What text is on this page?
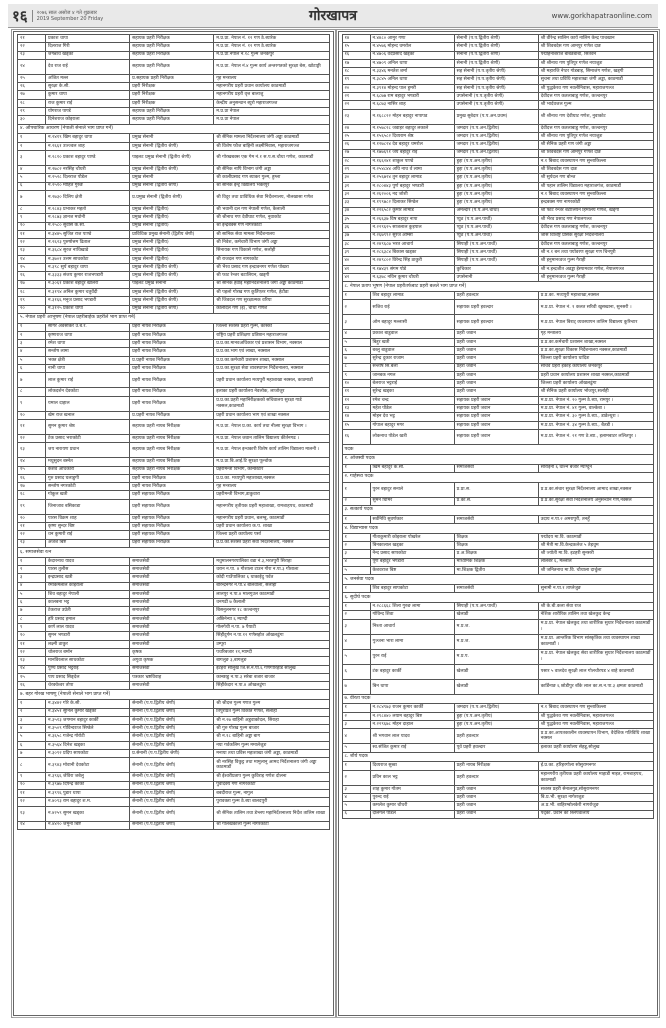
१६	२०७६ साल असोज ४ गते शुक्रबार
2019 September 20 Friday	गोरखापत्र	www.gorkhapatraonline.com
२१	प्रकाश थापा	सहायक प्रहरी निरीक्षक	म.प्र.प्रा. नेपाल नं. १२ गण ठे.ब्यारेक
२२	दिलराज गिरी	सहायक प्रहरी निरीक्षक	म.प्र.प्रा. नेपाल नं. १२ गण ठे.ब्यारेक
२३	जगन्नाथ खड्का	सहायक प्रहरी निरीक्षक	म.प्र.प्रा.नेपाल नं.१८ गुल्म जनकपुर
२४	देव राज राई	सहायक प्रहरी निरीक्षक	म.प्र.प्रा. नेपाल नं.४ गुल्म कार्य अन्तरगतको सुरक्षा बेस, खोटाङ्गी
२५	अजित मल्ल	प्र.सहायक प्रहरी निरीक्षक	गृह मन्त्रालय
२६	सुरक्षा के.सी.	प्रहरी निरीक्षक	महानगरीय प्रहरी प्रधान कार्यालय काठमाडौं
२७	कुमार थापा	प्रहरी निरीक्षक	महानगरीय प्रहरी वृत्त बालाजु
२८	राज कुमार राई	प्रहरी निरीक्षक	केन्द्रीय अनुसन्धान ब्युरो महाराजगञ्ज
२९	योगराज पाण्डे	सहायक प्रहरी निरीक्षक	म.प्र.प्रा नेपाल
३०	दिनेशराज कोइराला	सहायक प्रहरी निरीक्षक	म.प्र.प्रा नेपाल
४. औपचारिक आचरण (नेपाली सेनाले भाग प्राप्त गर्ने)			
१	न.२४१९ खिम बहादुर थापा	प्रमुख सेनानी	श्री सैनिक मामला निर्देशनालय जंगी अड्डा काठमाडौं
२	न.२६६१ उज्ज्वल शाह	प्रमुख सेनानी (द्वितीय श्रेणी)	श्री विशेष फौज बाहिनी लक्ष्मीनिवास, महाराजगञ्ज
३	न.२८१० प्रकाश बहादुर पाण्डे	पाइलट प्रमुख सेनानी (द्वितीय श्रेणी)	श्री गोरखबक्स एक गेम नं.१ स.प.स.चौथा गणेश, काठमाडौं
४	न.२७८२ नरसिंह चौधरी	प्रमुख सेनानी (द्वितीय श्रेणी)	श्री सैनिक नापि विभाग जंगी अड्डा
५	न.२५२८ दिलराज पौडेल	प्रमुख सेनानी	श्री कालीप्रसाद गण ब्याकर गुल्म, हुम्ला
६	न.२५१० मोहित गुरुङ	प्रमुख सेनानी (द्वितीय श्रेणी)	श्री सैनिक इन्ट्र विद्यालय भक्तपुर
७	न.२७३० दिलिप क्षेत्री	प्र.प्रमुख सेनानी (द्वितीय श्रेणी)	श्री विदुर तथा प्राविधिक सेवा निर्देशनालय, नौलखासा गणेश
८	न.२८४३ प्रभाकर महतो	प्रमुख सेनानी (द्वितीय)	श्री भवानी दल गण नेपाली गणेश, कैलाली
९	न.२८७३ ज्ञानज मधोनी	प्रमुख सेनानी (द्वितीय)	श्री श्रीनाथ गण देवीघाट गणेश, नुवाकोट
१०	न.२५८० सुवास के.सी.	प्रमुख सेनानी (द्वितीय)	श्री इन्द्रबक्स गण नागरकोटी
११	न.३४४५ सुजित राज पाण्डे	प्राविधिक प्रमुख सेनानी (द्वितीय श्रेणी)	श्री सानिक सेवा मामला निर्देशनालय
१२	न.२६२३ पुरुषोत्तम ढिताल	प्रमुख सेनानी (द्वितीय)	श्री निवेश, कर्मचारी विभाग जंगी अड्डा
१३	न.३६८४ सुरज नाथिखाडे	प्रमुख सेनानी (द्वितीय)	सिनायक गण विकासे गणेश, सर्लाही
१४	न.३७०१ उत्तम साथकोटा	प्रमुख सेनानी (द्वितीय)	श्री राजदल गण नागरकोट
१५	न.३९८ सुर्य बहादुर थापा	प्रमुख सेनानी (द्वितीय श्रेणी)	श्री भैरव प्रसाद गण इन्द्रावनगर गणेश पोखरा
१६	न.३३३३ संजय कुमार राजभण्डारी	प्रमुख सेनानी (द्वितीय श्रेणी)	श्री फाट रेन्जर बटालियन, खड्गी
१७	न.३०६१ प्रकाश बहादुर खोलेरा	पाइलट प्रमुख सेनानी	श्री सैनिक हवाई महानिर्देशनालय जंगी अड्डा काठमाडौं
१८	न.३१९४ अनिल कुमार चतुर्वेदी	प्रमुख सेनानी (द्वितीय श्रेणी)	श्री पहलो गोरख गण कुर्तिएतर गणेश, हेटौडा
१९	न.३१६६ मनुज प्रसाद भण्डारी	प्रमुख सेनानी (द्वितीय श्रेणी)	श्री जिवदल गण सुरक्षात्मक वरिया
२०	न.३१२५ प्रकाश थापा	प्रमुख सेनानी (द्वितीय श्रेणी)	कालीदल गण (इ), चौथा गणेश
५. नेपाल प्रहरी आभूषण (नेपाल प्रहरीबाहेक प्रहरीले भाग प्राप्त गर्ने)			
१	सागर अवसोकर उ.ब.र.	प्रहरी नायब निरीक्षक	जिल्ला सशस्त्र प्रहरी गुल्म, कास्की
२	कृष्णराज थापा	प्रहरी नायब निरीक्षक	राष्ट्रिय प्रहरी प्रशिक्षण प्रतिष्ठान महाराजगञ्ज
३	रमेश थापा	प्रहरी नायब निरीक्षक	प्र.प्र.का.मानवअधिकार एवं प्रशासन विभाग, नक्साल
४	सन्तोष लामा	प्रहरी नायब निरीक्षक	प्र.प्र.का.भाग एवं लाखा, नक्साल
५	भक्त क्षेत्री	प्र.प्रहरी नायब निरीक्षक	प्र.प्र.का.कर्मचारी प्रशासन शाखा, नक्साल
६	नानी थापा	प्रहरी नायब निरीक्षक	प्र.प्र.का.सुरक्षा सेवा व्यवस्थापन निर्देशनालय, नक्साल
७	लाल कुमार राई	प्रहरी नायब निरीक्षक	प्रहरी प्रधान कार्यालय मध्यपुरी महाशाखा नक्सल, काठमाडौं
८	लोकदर्शन देवकोटा	प्रहरी नायब निरीक्षक	इलाका प्रहरी कार्यालय नेवलोक, लाजोजुर
९	यमाल दाहाल	प्रहरी नायब निरीक्षक	प्र.प्र.का.प्रहरी महानिरीक्षकको सचिवालय सुरक्षा गार्ड नक्सल,काठमाडौं
१०	खेम राज खनाल	प्र.प्रहरी नायब निरीक्षक	प्रहरी प्रधान कार्यालय भाग एवं शाखा नक्सल
११	सुमन कुमार श्रेष्ठ	सहायक प्रहरी नायब निरीक्षक	म.प्र.प्रा. नेपाल प्र.का. कार्य तथा नीत्सा सुरक्षा विभाग ।
१२	टेक प्रसाद भराकोटी	सहायक प्रहरी नायब निरीक्षक	म.प्र.प्रा. नेपाल जवान तालिम विद्यालय कीर्तनगढ ।
१३	जय नारायण प्रधान	सहायक प्रहरी नायब निरीक्षक	म.प्र.प्रा. नेपाल इन्चकारी विशेष कार्य तालिम विद्यालय मालनी ।
१४	मधुसुदन बस्नेत	सहायक प्रहरी नायब निरीक्षक	म.प्र.प्रा.बि.आई.टि सुरक्षा पूल्चोक
१५	केशव अधिकारी	सहायक प्रहरी नायब निरीक्षक	प्रहरीमन्त्री विभाग, कान्छाटार
१६	गुरु प्रसाद घलाडुगी	प्रहरी नायब निरीक्षक	प्र.प्र.का. मध्यपुरी महाशाखा,नक्सल
१७	सन्तोष नगरकोटी	प्रहरी नायब निरीक्षक	गृह मन्त्रालय
१८	गोकुल खत्री	प्रहरी सहायक निरीक्षक	प्रहरीमन्त्री विभाग,डाकुवारा
१९	जिनाजाव बसिकाडा	प्रहरी सहायक निरीक्षक	महानगरीय तृतीयक प्रहरी महाशाखा, रामशाहपथ, काठमाडौं
२०	पारस विक्रम शाह	प्रहरी सहायक निरीक्षक	महानगरीय प्रहरी प्रधान, बलम्बु, काठमाडौं
२१	कृष्ण सुन्दर बिष्ट	प्रहरी सहायक निरीक्षक	प्रहरी प्रधान कार्यालय क.प. शाखा
२२	धन कुमारी राई	प्रहरी सहायक निरीक्षक	जिल्ला प्रहरी कार्यालय पर्सा
२३	अजेश बिष्ट	प्रहरी सहायक निरीक्षक	प्र.प्र.का.सशस्त्र प्रहरी सेवा निर्देशनालय, नक्सल
६. समाजसेवा रत्न			
१	केदारनाथ यादव	समाजसेवी	मधुमालनगरपालिका वडा नं.३,भरतपुरी सिराहा
२	पारस तुलीस	समाजसेवी	धरान न.पा. ४ गौशाला टाउन गौरा न.पा.३ गौशाला
३	इन्द्रप्रसाद खत्री	समाजसेवी	कोदी गाउँपालिका ६ थाकाईदु पर्वत
४	रमाकमलाल कोइराला	समाजसेवी	बीरेन्द्रनगर न.पा.४ बौलवाला, सर्लाही
५	शिव बहादुर नेपाली	समाजसेवी	लालपुर न.पा.४ मालगुउल काठमाडौं
६	कालबना भट्ट	समाजसेवी	धनगढी ७ कैलाली
७	टेकराज उप्रेती	समाजसेवी	बिसनुलनगर १८ कञ्चनपुर
८	हरि प्रसाद हमाल	समाजसेवी	अछिनेन्या ६ म्याग्दी
९	कर्ण लाल यादव	समाजसेवी	गोलगेथी न.पा. ७ पैयाटी
१०	सुमन भण्डारी	समाजसेवी	सिंहीदुर्गम न.पा.१२ गणेसहोत ओखलढुंगा
११	लक्ष्मी ठाकुर	समाजसेवी	उम्पूरा
१२	चोलराज बर्मान	कृषक	पथरिबजार ११,म्याग्दी
१३	मानविरलाल साथकोटा	अगुवा कृषक	बागलुङ ३,बागलुङ
१४	पुण्य प्रसाद भट्टराई	समाजसेवी	ईटहरा सोलुख जि.स.न.पा.६ गणगोरिहोड सोलुख
१५	पाप प्रसाद सिङ्देल	पत्रकार भ्रष्टविवाह	कान्छाडु न.पा.३ सरेबा बजार बाजार
१६	चेरक्वेश्वर तोपा	समाजसेवी	सिंहीकेदार न.पा.४ ओखलढुंगा
७. बहर गोरख भाषणु (नेपाली सेनाले भाग प्राप्त गर्ने)			
१	न.३४४२ गोरे के.सी.	सेनानी (प.प.द्वितीय श्रेणी)	श्री श्रीदत्त गुल्म गणत गुल्म
२	न.३४५१ सुनिल कुमार खड्का	सेनानी (प.प.द्वितीय श्रेणी)	तिपुराप्रत गुल्म विकाते गणेश, सर्लाही
३	न.३५१३ जगमान बहादुर कार्की	सेनानी (प.प.द्वितीय श्रेणी)	श्री न.२७ बाहिनी अडुवाकोदल, सिराहा
४	न.३५०९ गोविन्दराज सिग्डेले	सेनानी (प.प.द्वितीय श्रेणी)	श्री गुरु गोरख गुल्म बाजार
५	न.३६५८ गजेन्द्र गोरोटी	सेनानी (प.प.द्वितीय श्रेणी)	श्री न.१८ बाहिनी अड्डा बाग
६	न.३५६४ दिनेश खड्का	सेनानी (प.प.द्वितीय श्रेणी)	नया गर्वकलिम गुल्म ममालेजुङ
७	न.३०९२ प्रदिप सापकोटा	प्र.सेनानी (प.प.द्वितीय श्रेणी)	मनाया तथा प्रविस महाशाखा जंगी अड्डा, काठमाडौं
८	न.३९४३ मोवानी देवकोटा	सेनानी (प.प.द्वितीय श्रेणी)	श्री नरसिंह विकुट्ट तथा मामुलानु आमद निर्देशनालय जंगी अड्डा काठमाडौं
९	न.३९६६ जेविरा जबेलु	सेनानी (प.प.द्वितीय श्रेणी)	श्री ईश्वरीप्रताप गुल्म कुविराइ गणेश दोलना
१०	न.३९७७ दिपेन्द्र कार्की	सेनानी (प.प.द्वितीय श्रेणी)	पुर्वोदक्य गण नागरकोटी
११	न.३९९६ पुडार थापा	सेनानी (प.प.द्वितीय श्रेणी)	बबदीराज गुल्म, नागुल
१२	न.४०९३ राम बहादुर श.म.	सेनानी (प.प.द्वितीय श्रेणी)	पुरावक्ता गुल्म ठे.ब्या बालदपुरी
१३	न.४२५९ सुमन खड्का	सेनानी (प.प.द्वितीय श्रेणी)	श्री सैनिक तालिम तथा डेभ्लप महानिर्देशनालय निर्देश तालिम शाखा
१४	न.४४२० जमुना बिष्ट	सेनानी (प.प.द्वितीय श्रेणी)	श्री गोलखकालौ गुल्म नागरकोटी
१४	न.४४८० आमुर गणा	सेनानी (प.प.द्वितीय श्रेणी)	श्री वीरेन्द्र सालिम कार्य नालिम केन्द्र पाचखान
१५	न.४५७६ मोहन्द थमरोल	सेनानी (प.प.द्वितीय श्रेणी)	श्री शिवबदेस गण आमपुर गणेश दाङ
१६	न.४७०६ वेदप्रसाद खड्का	सेनानी (प.प.द्वितीय श्रेणी)	पद्महिनाबराज बाबडबाबा, सितवन
१७	न.४७०९ अनिल थापा	सेनानी (प.प.द्वितीय श्रेणी)	श्री श्रीनाथ गण पुतिपुर गणेश नयाजुङ
१८	न.३३४६ मनतेश शर्मा	सह सेनानी (प.प.तृतीय श्रेणी)	श्री महारजि नेप्टर गोडबाइ, सिमाजंग गणेश, खड्गी
१९	न.३८४५ अनिल थापा	सह सेनानी (प.प.तृतीय श्रेणी)	सुचना तथा प्रविधि महाशाखा जंगी अड्डा, काठमाडौं
२०	न.३९१४ मोहन्द पाल हुमरी	सह सेनानी (प.प.तृतीय श्रेणी)	श्री पुद्धकेरव गण नवलीनिवास, महाराजगञ्ज
२१	न.६८७७ राम बहादुर भण्डारी	उपसेनानी (प.प.तृतीय श्रेणी)	देवीदत्त गण कतलाबाडु गणेश, कञ्चनपुर
२२	न.६८७३ नासिर शाह	उपसेनानी (प.प.तृतीय श्रेणी)	श्री भार्दवजल गुल्म
२३	न.१६८८२२ मोहन बहादुर नापापड	प्रमुख सुबेदार (प.प.अन.प्रथम)	श्री श्रीनाथ गण देवीघाट गणेश, नुवाकोट
२४	न.१५७८२८ जवाहर बहादुर लकाले	जमदार (प.प.अन.द्वितीय)	देवीदत्त गण कतलाबाडु गणेश, कञ्चनपुर
२५	न.१५६५८२ दिव्यराम श्रेष्ठ	जमदार (प.प.अन.द्वितीय)	श्री श्रीनाथ गण पुतिपुर गणेश नयाजुङ
२६	न.१२७८२४ देव बहादुर थमरोल	जमदार (प.प.अन.द्वितीय)	श्री सैनिक प्रहरी गण जंगी अड्डा
२७	न.१७७६९१ जय बहादुर राई	जमदार (प.प.अन.द्वितीय)	श्री शिवबदेस गण आमपुर गणेश दाङ
२८	न.१६६२४१ शाकुल पाण्डे	हुद्दा (प.प.अन.तृतीय)	न.१ बिबाद व्यवस्थापन गण सुन्ताकिल्ला
२९	न.२५४८४४ अथि नाथ र्व लामा	हुद्दा (प.प.अन.तृतीय)	श्री शिवबदेस गण दाङ
३०	न.२५६७२४ तुन बहादुर लामाड	हुद्दा (प.प.अन.तृतीय)	श्री सुर्यदल गण बोन्ज
३१	न.२८०४४३ पुर्ण बहादुर भण्डारी	हुद्दा (प.प.अन.तृतीय)	श्री पहान तालिम विद्यालय महाराजगंज, काठमाडौं
३२	न.२६२००६ नद जोशी	हुद्दा (प.प.अन.तृतीय)	न.१ बिबाद व्यवस्थापन गण सुन्ताकिल्ला
३३	न.१९९७८२ दिलाकर सिग्डेल	हुद्दा (प.प.अन.तृतीय)	इन्द्रबक्स गण नागरकोटी
३४	न.२२६५८२ कुमार लामाड	अमल्दार (प.प.अन.चौथो)	श्री फाट रेन्जर बटालियन हिमालय गणेश, खड्गी
३५	न.२६६३७ विष बहादुर नापा	प्युठ (प.प.अन.पाचौं)	श्री भैरव प्रसाद गण नेपालगञ्ज
३६	न.२२९६२५ साजलाल कुइपाल	प्युठ (प.प.अन.पाचौं)	देवीदत्त गण कतलाबाडु गणेश, कञ्चनपुर
३७	न.२६७९९२ सुरज ओम्सा	प्युठ (प.प.अन.पाचौं)	जसि विशिष्ट्र प्रसिक सुरक्षा निर्देशनालय
३८	न.२४९६८७ भरत आचार्य	सिपाही (प.प.अन.पाचौं)	देवीदत्त गण कतलाबाडु गणेश, कञ्चनपुर
३९	न.२८६३८४ बिकास खड्का	सिपाही (प.प.अन.पाचौं)	श्री न.१ बन तथा पर्यावरण सुरक्षा गण चिनपुरी
४०	न.२४९८०२ विरेन्द्र सिंह ठाकुरी	सिपाही (प.प.अन.पाचौं)	श्री हनुमानध्वज गुल्म गैराही
४१	न.१७४३९ संगम पोडे	कुचिकार	श्री न.इन्द्रजीत अडड्डा ईस्पामवार गणेश, नेपालगञ्ज
४२	न.६३७८ नविन कुमार चौधरी	उपसेनानी	श्री हनुमानध्वज गुल्म गैराही
८. नेपाल प्रताप भूषण (नेपाल प्रहरीतर्फबाट प्रहरी बलले भाग प्राप्त गर्ने)			
१	शिव बहादुर लामाड	प्रहरी हवल्दार	प्र.प्र.का. मध्यपुरी महाशाखा,नक्सल
२	सजिव राई	सहायक प्रहरी हवल्दार	म.प्र.प्रा. नेपाल नं. १ कलत सरिवी खुसखाना, सुनसरी ।
३	ओम बहादुर मल्लासी	सहायक प्रहरी हवल्दार	म.प्र.प्रा. नेपाल बिराट् व्यवस्थापन तालिम विद्यालय कुरिन्टार
४	प्रकाश बाडुवाल	प्रहरी जवान	गृह मन्त्रालय
५	बिद्दुर खत्री	प्रहरी जवान	प्र.प्र.का.कर्मचारी प्रशासन शाखा,नक्सल
६	बब्लु बाडुवाल	प्रहरी जवान	प्र.प्र.का.सुरक्षा विकास निर्देशनालय नक्सल,काठमाडौं
७	सुरेन्द्र दुकार राजाम	प्रहरी जवान	जिल्ला प्रहरी कार्यालय धादिङ
८	सन्तोष सि.बेला	प्रहरी जवान	सचिव प्रहरी इकाइ कार्यालय जनकपुर
९	जानबक नगल	प्रहरी जवान	प्रहरी प्रधान कार्यालय प्रशासन शाखा नक्सल,काठमाडौं
१०	बेलराज भट्टराई	प्रहरी जवान	जिल्ला प्रहरी कार्यालय ओखलढुंगा
११	सुरेन्द्र खड्का	प्रहरी जवान	श्री सैनिक प्रहरी कार्यालय भोजपुर,सर्लाही
१२	रमेश चन्द्र	सहायक प्रहरी जवान	म.प्र.प्रा. नेपाल नं. २० गुल्म ठे.ब्या, रामपुर ।
१३	महेश पौडेल	सहायक प्रहरी जवान	म.प्र.प्रा. नेपाल नं. ४१ गुल्म, वाल्केबा ।
१४	मोहन देव भट्ट	सहायक प्रहरी जवान	म.प्र.प्रा. नेपाल नं. ३० गुल्म ठे.ब्या., डाडेल्धुरा ।
१५	गोपाल बहादुर मगर	सहायक प्रहरी जवान	म.प्र.प्रा. नेपाल नं. ३४ गुल्म ठे.ब्या., बैतडी ।
१६	लोकनाथ पौडेल खत्री	सहायक प्रहरी जवान	म.प्र.प्रा. नेपाल नं. २१ गण ठे.ब्या., इलामबाटर ललितपुर ।
पदक			
१. ओजस्वी पदक			
१	खिम बहादुर क.सी.	समाजसेवी	सौराईनी ६ धाल्ने बजार म्याग्दुन
२. गार्हस्थ्य पदक			
१	पुरन बहादुर सनाले	प्र.प्रा.स.	प्र.प्र.का.संचार सुरक्षा निर्देशनालय आमाद शाखा,नक्सल
२	सुमन घिमिरे	प्र.का.स.	प्र.प्र.का.सुरक्षा सेवा निर्देशनालय अनुसन्धान गण,नक्सल
३. सत्कार्य पदक			
१	सर्वनिधि सुवर्णकार	समाजसेवी	उदाय न.पा.२ अमरापुरी, तनहुँ
४. विद्याभ्यास पदक			
१	गीताकुमारी कोइराला पोखरेल	शिक्षक	पद्मोदय मा.वि. काठमाडौं
२	बिनकालाल खड्का	शिक्षक	श्री मैत्री मा.वि.केन्द्रकलेज ५ तेह्रथुम
३	नैन्द प्रसाद सापकोटा	प्र.अ.शिक्षक	श्री ज्योती मा.वि. इटहरी सुनसरी
४	पूर्ण बहादुर भण्डारी	माध्यमिक शिक्षक	लालबेर ६, मल्लाल
५	केशवराज बिष्ट	मा.शिक्षक द्वितीय	श्री जनितनाथ मा.वि. चौथाला दार्चुला
५. जनसेवा पदक			
१	शिव बहादुर सापकोटा	समाजसेवी	सुनामी न.पा.१ ताप्लेजुङ
६. सुदीर्घ पदक			
१	न.२८८६६८ शिला गुरुङ लामा	सिपाही (प.प.अन.पाचौं)	श्री के.बी.कला सेवा राज
२	गोविन्द शिवा	खेलाडी	नेशिक शारीरिक तालिम तथा खेलकुद केन्द्र
३	निश्ता आचार्य	म.प्र.ज.	म.प्र.प्रा. नेपाल खेलकुद तथा शारीरिक सुधार निर्देशनालय काठमाडौं ।
४	गुञ्जना भारा लामा	म.प्र.ज.	म.प्र.प्रा. आन्तरिक विभाग सांस्कृतिक तथा व्यवस्थापन शाखा काठमाडौं ।
५	पुरन राई	म.प्र.प.	म.प्र.प्रा. नेपाल खेलकुद सेवा शारीरिक सुधार निर्देशनालय काठमाडौं ।
६	टंक बहादुर कार्की	खेलाडी	पसार ५ वालदेव सुरक्षी लाल गोलचौरपड ४ बाहे काठमाडौं
७	बिन थापा	खेलाडी	कार्डिनाङ ६ छोडीपुर बाँके लाल का.स.न.पा.३ क्षमता काठमाडौं
७. वीरता पदक			
१	न.२८४९७३ राजन कुमार कार्की	जमदार (प.प.अन.द्वितीय)	न.१ बिबाद व्यवस्थापन गण सुन्ताकिल्ला
२	न.२९८४४० लयाम बहादुर बिष्ट	हुद्दा (प.प.अन.तृतीय)	श्री पुद्धकेरव गण नवलीनिवास, महाराजगञ्ज
३	न.२२९६७८ मोहन दाहाल	हुद्दा (प.प.अन.तृतीय)	श्री पुद्धकेरव गण नवलीनिवास, महाराजगञ्ज
४	श्री भगवान लाल यादव	प्रहरी हवल्दार	प्र.प्र.का.आपतकालीन व्यवस्थापन विभाग, वैदेशिक गतिविधि शाखा नक्सल
५	स्व.संजित कुमार राई	पूर्व प्रहरी हवल्दार	इलाका प्रहरी कार्यालय सेहडू,सोलुख
८. शौर्य पदक			
१	दिव्यराज सुब्बा	प्रहरी नायब निरीक्षक	ई.प्र.का. हरिहरगोला सोसुरामनगर
२	प्रविन काल भट्ट	प्रहरी हवल्दार	महानगरीय तृतीयक प्रहरी कार्यालय माहाडी माइत, रामशाहपथ, काठमाडौं
३	शाह कुमार गौतम	प्रहरी जवान	सशस्त्र प्रहरी सेनालगुड,सोसुरामनगर
४	पुरुन्द राई	प्रहरी जवान	बि.प्र.भी. सुरक्षा नागेशजुङ
५	कमलेश कुमार चौधरी	प्रहरी जवान	अ.प्र.भी. बाहिरम्बोलकेरी नागरोजुङ
६	दोलगल पौडेल	प्रहरी जवान	पद्का. प्रवीन को स्लिपवालाय
